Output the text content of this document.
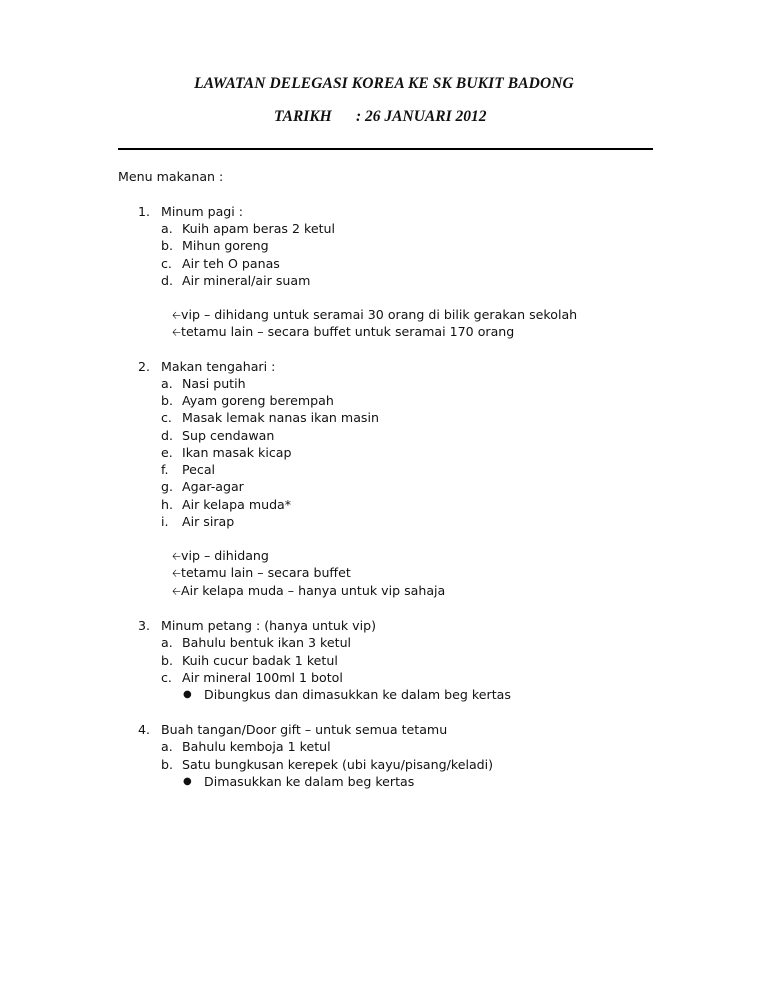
LAWATAN DELEGASI KOREA KE SK BUKIT BADONG
TARIKH : 26 JANUARI 2012
Menu makanan :
1. Minum pagi :
a. Kuih apam beras 2 ketul
b. Mihun goreng
c. Air teh O panas
d. Air mineral/air suam
🡠vip – dihidang untuk seramai 30 orang di bilik gerakan sekolah
🡠tetamu lain – secara buffet untuk seramai 170 orang
2. Makan tengahari :
a. Nasi putih
b. Ayam goreng berempah
c. Masak lemak nanas ikan masin
d. Sup cendawan
e. Ikan masak kicap
f. Pecal
g. Agar-agar
h. Air kelapa muda*
i. Air sirap
🡠vip – dihidang
🡠tetamu lain – secara buffet
🡠Air kelapa muda – hanya untuk vip sahaja
3. Minum petang : (hanya untuk vip)
a. Bahulu bentuk ikan 3 ketul
b. Kuih cucur badak 1 ketul
c. Air mineral 100ml 1 botol
● Dibungkus dan dimasukkan ke dalam beg kertas
4. Buah tangan/Door gift – untuk semua tetamu
a. Bahulu kemboja 1 ketul
b. Satu bungkusan kerepek (ubi kayu/pisang/keladi)
● Dimasukkan ke dalam beg kertas
